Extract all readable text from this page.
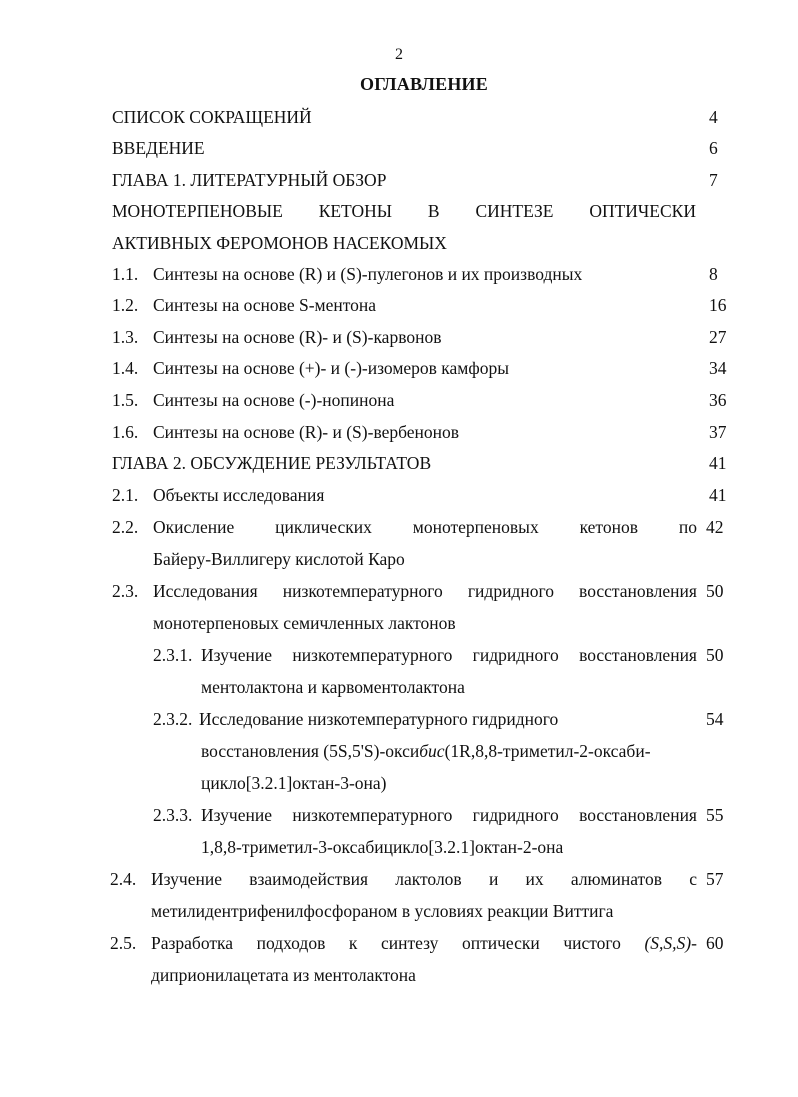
2
ОГЛАВЛЕНИЕ
СПИСОК СОКРАЩЕНИЙ	4
ВВЕДЕНИЕ	6
ГЛАВА 1. ЛИТЕРАТУРНЫЙ ОБЗОР	7
МОНОТЕРПЕНОВЫЕ КЕТОНЫ В СИНТЕЗЕ ОПТИЧЕСКИ
АКТИВНЫХ ФЕРОМОНОВ НАСЕКОМЫХ
1.1. Синтезы на основе (R) и (S)-пулегонов и их производных	8
1.2. Синтезы на основе S-ментона	16
1.3. Синтезы на основе (R)- и (S)-карвонов	27
1.4. Синтезы на основе (+)- и (-)-изомеров камфоры	34
1.5. Синтезы на основе (-)-нопинона	36
1.6. Синтезы на основе (R)- и (S)-вербенонов	37
ГЛАВА 2. ОБСУЖДЕНИЕ РЕЗУЛЬТАТОВ	41
2.1. Объекты исследования	41
2.2. Окисление циклических монотерпеновых кетонов по 42
Байеру-Виллигеру кислотой Каро
2.3. Исследования низкотемпературного гидридного восстановления 50
монотерпеновых семичленных лактонов
2.3.1. Изучение низкотемпературного гидридного восстановления 50
ментолактона и карвоментолактона
2.3.2. Исследование низкотемпературного гидридного	54
восстановления (5S,5'S)-оксибис(1R,8,8-триметил-2-оксаби-
цикло[3.2.1]октан-3-она)
2.3.3. Изучение низкотемпературного гидридного восстановления 55
1,8,8-триметил-3-оксабицикло[3.2.1]октан-2-она
2.4. Изучение взаимодействия лактолов и их алюминатов с 57
метилидентрифенилфосфораном в условиях реакции Виттига
2.5. Разработка подходов к синтезу оптически чистого (S,S,S)- 60
диприонилацетата из ментолактона
